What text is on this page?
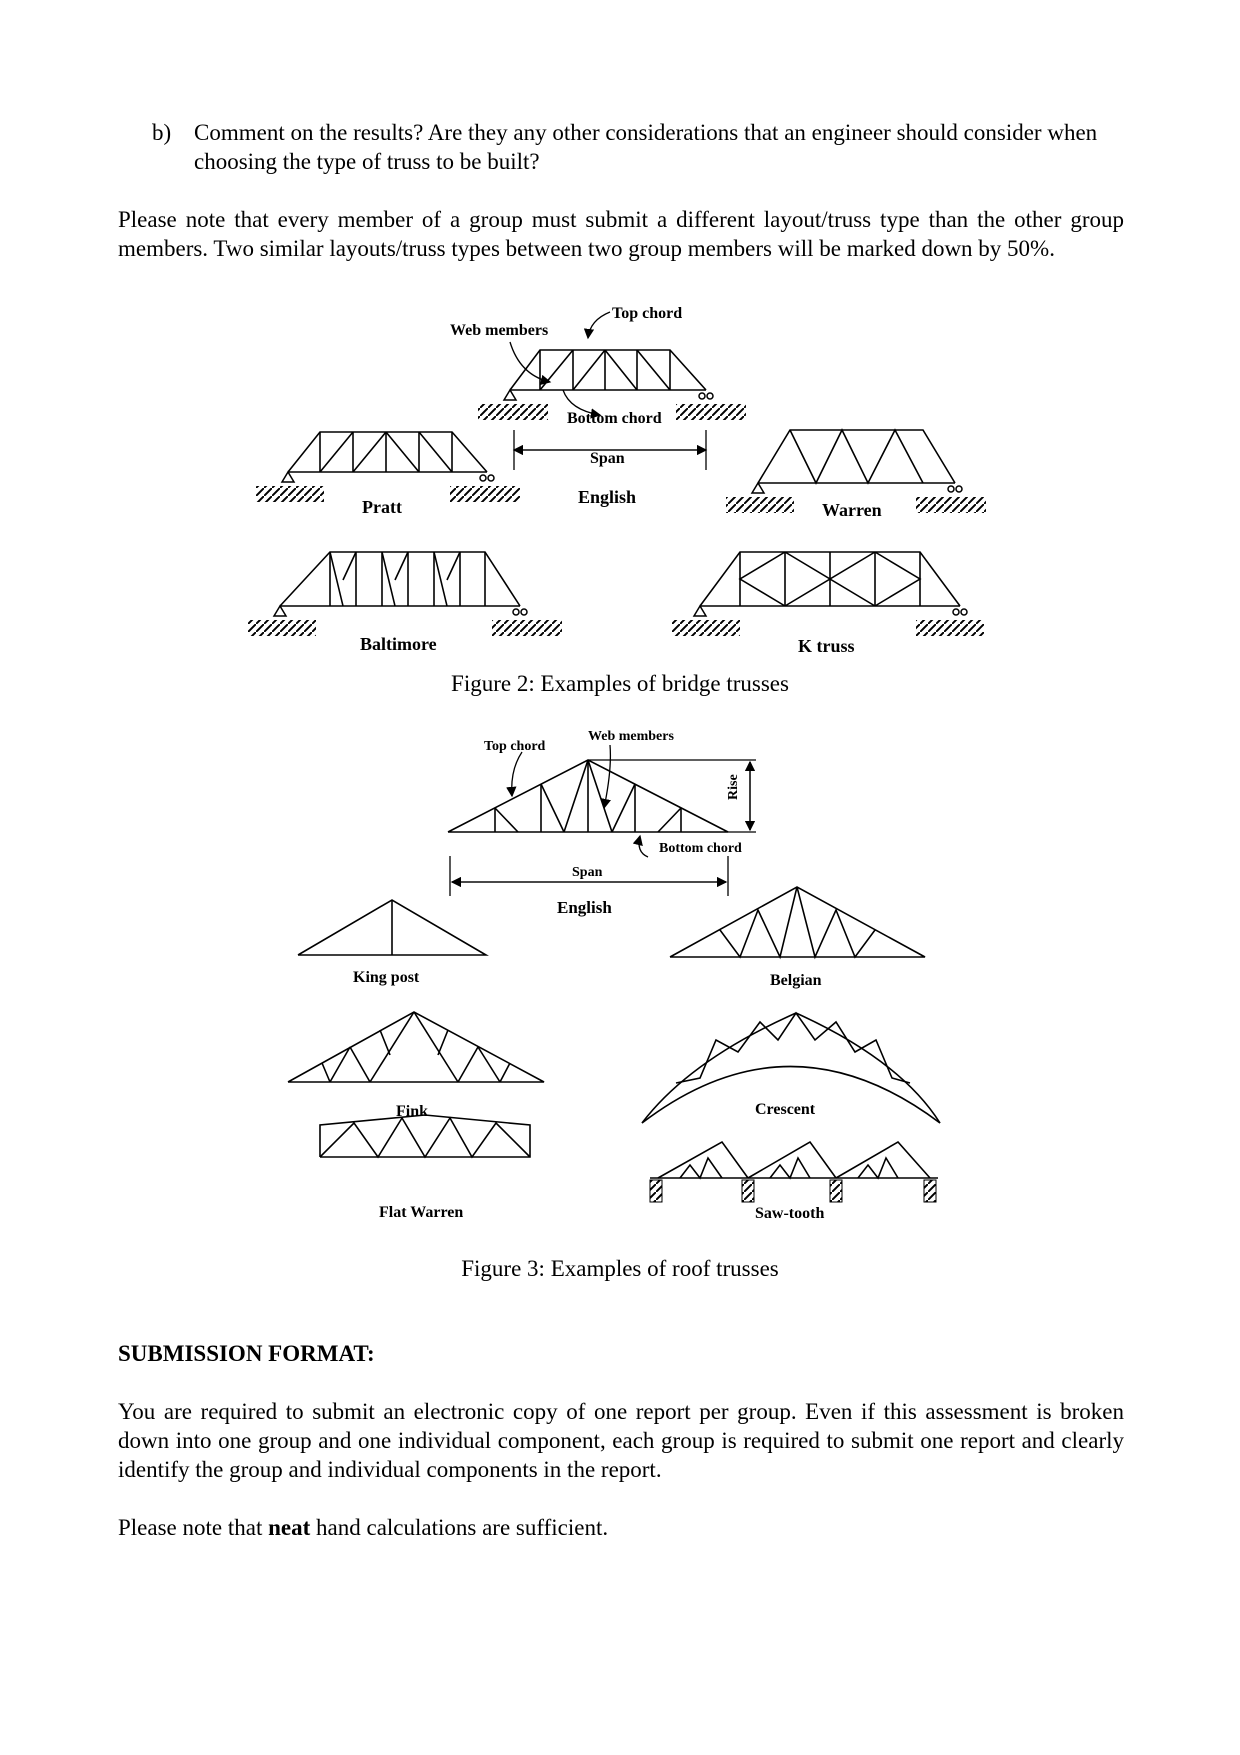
b) Comment on the results? Are they any other considerations that an engineer should consider when choosing the type of truss to be built?
Please note that every member of a group must submit a different layout/truss type than the other group members. Two similar layouts/truss types between two group members will be marked down by 50%.
Web members
Top chord
Bottom chord
Span
English
Pratt	Warren
Baltimore	K truss
Top chord
Web members
Rise
Bottom chord
Span
English
King post	Belgian
Fink	Crescent
Flat Warren	Saw-tooth
Figure 2: Examples of bridge trusses
Figure 3: Examples of roof trusses
SUBMISSION FORMAT:
You are required to submit an electronic copy of one report per group. Even if this assessment is broken down into one group and one individual component, each group is required to submit one report and clearly identify the group and individual components in the report.
Please note that neat hand calculations are sufficient.
